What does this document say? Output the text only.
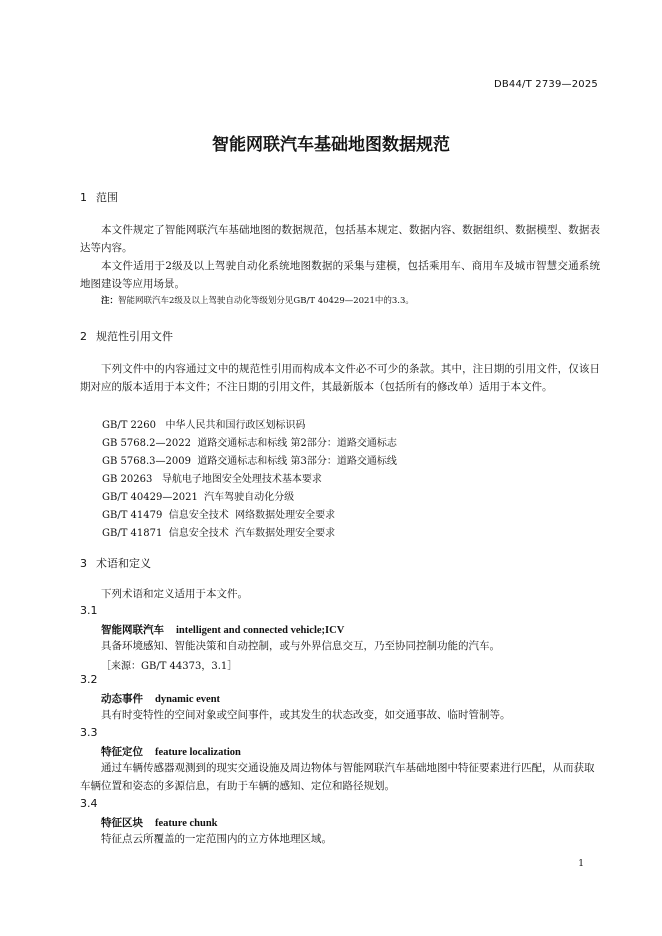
DB44/T 2739—2025
智能网联汽车基础地图数据规范
1 范围
本文件规定了智能网联汽车基础地图的数据规范，包括基本规定、数据内容、数据组织、数据模型、数据表达等内容。
本文件适用于2级及以上驾驶自动化系统地图数据的采集与建模，包括乘用车、商用车及城市智慧交通系统地图建设等应用场景。
注：智能网联汽车2级及以上驾驶自动化等级划分见GB/T 40429—2021中的3.3。
2 规范性引用文件
下列文件中的内容通过文中的规范性引用而构成本文件必不可少的条款。其中，注日期的引用文件，仅该日期对应的版本适用于本文件；不注日期的引用文件，其最新版本（包括所有的修改单）适用于本文件。
GB/T 2260   中华人民共和国行政区划标识码
GB 5768.2—2022  道路交通标志和标线 第2部分：道路交通标志
GB 5768.3—2009  道路交通标志和标线 第3部分：道路交通标线
GB 20263   导航电子地图安全处理技术基本要求
GB/T 40429—2021  汽车驾驶自动化分级
GB/T 41479  信息安全技术  网络数据处理安全要求
GB/T 41871  信息安全技术  汽车数据处理安全要求
3 术语和定义
下列术语和定义适用于本文件。
3.1
智能网联汽车 intelligent and connected vehicle;ICV
具备环境感知、智能决策和自动控制，或与外界信息交互，乃至协同控制功能的汽车。
［来源：GB/T 44373，3.1］
3.2
动态事件 dynamic event
具有时变特性的空间对象或空间事件，或其发生的状态改变，如交通事故、临时管制等。
3.3
特征定位 feature localization
通过车辆传感器观测到的现实交通设施及周边物体与智能网联汽车基础地图中特征要素进行匹配，从而获取车辆位置和姿态的多源信息，有助于车辆的感知、定位和路径规划。
3.4
特征区块 feature chunk
特征点云所覆盖的一定范围内的立方体地理区域。
1
